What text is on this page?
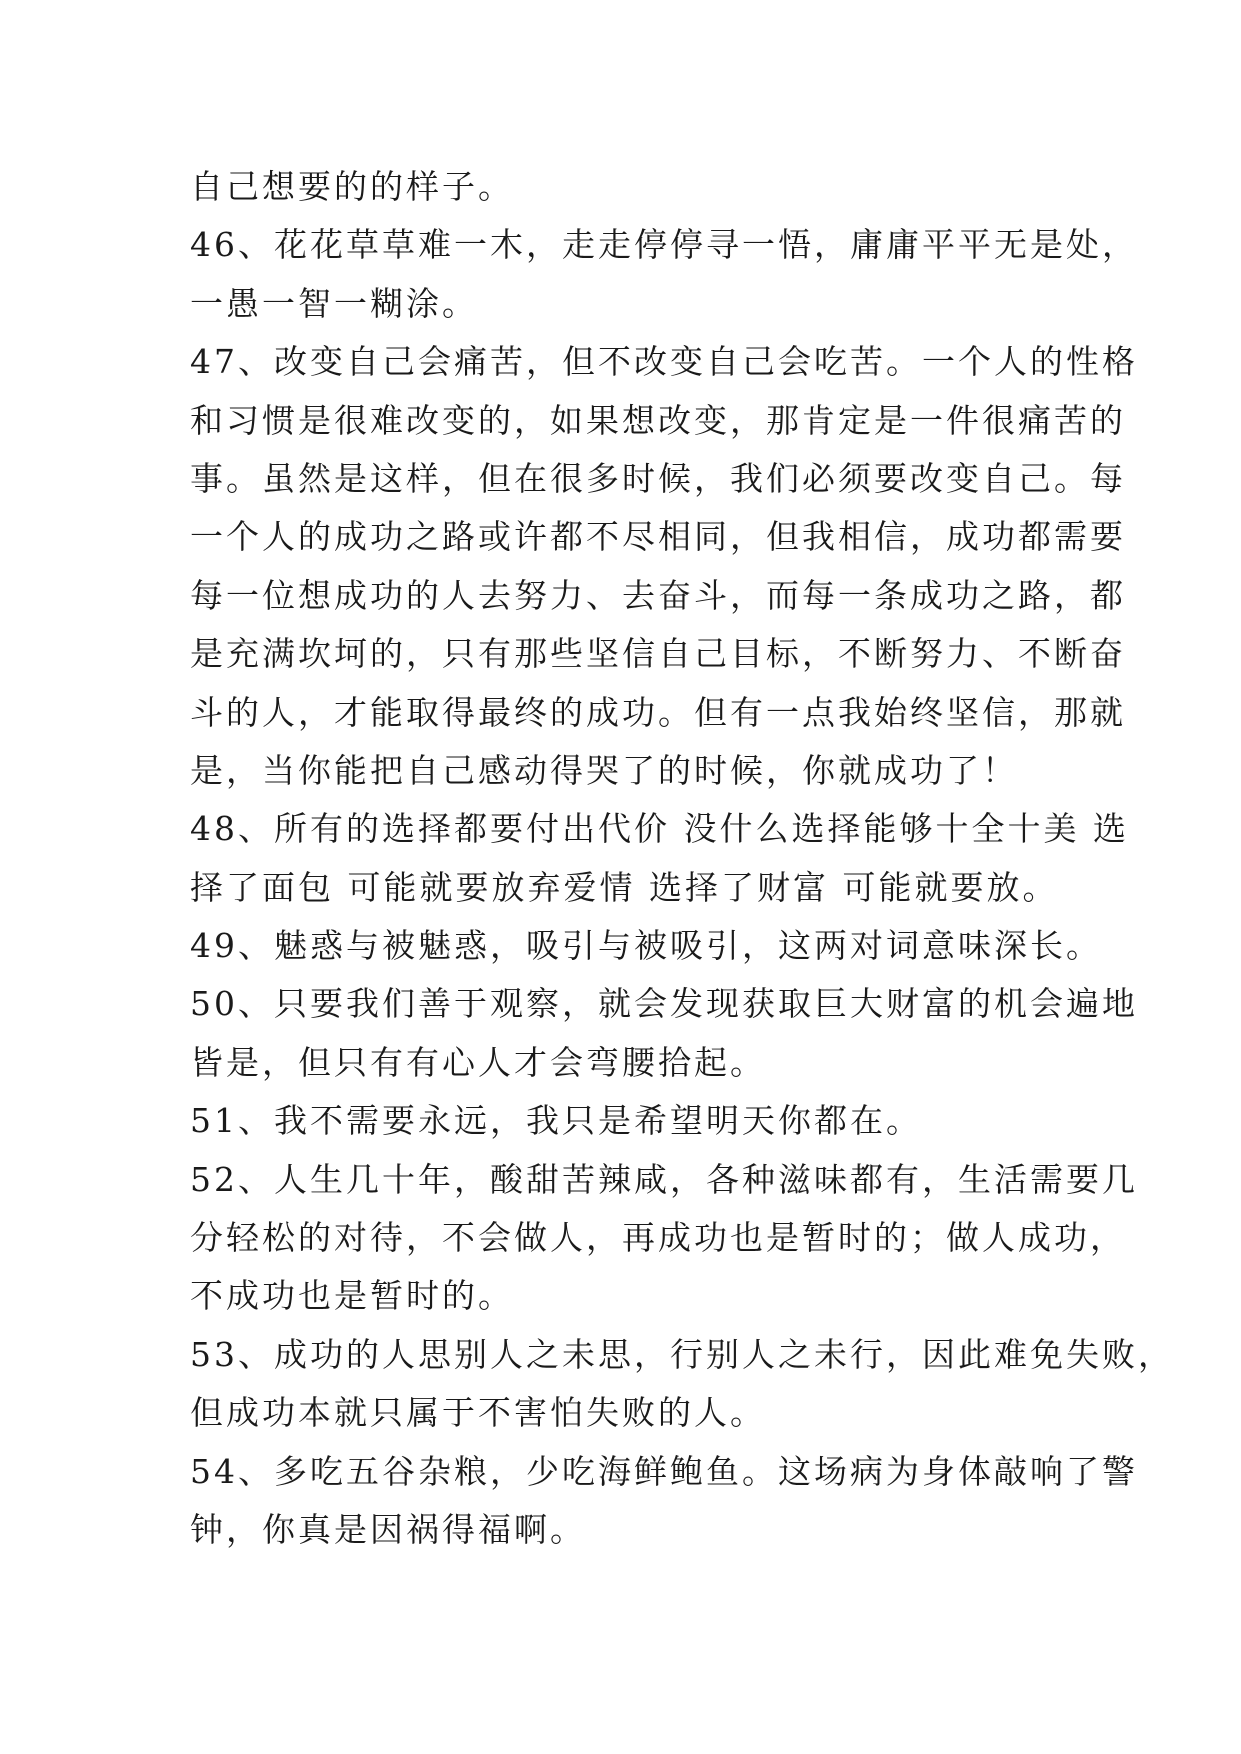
自己想要的的样子。
46、花花草草难一木，走走停停寻一悟，庸庸平平无是处，
一愚一智一糊涂。
47、改变自己会痛苦，但不改变自己会吃苦。一个人的性格
和习惯是很难改变的，如果想改变，那肯定是一件很痛苦的
事。虽然是这样，但在很多时候，我们必须要改变自己。每
一个人的成功之路或许都不尽相同，但我相信，成功都需要
每一位想成功的人去努力、去奋斗，而每一条成功之路，都
是充满坎坷的，只有那些坚信自己目标，不断努力、不断奋
斗的人，才能取得最终的成功。但有一点我始终坚信，那就
是，当你能把自己感动得哭了的时候，你就成功了！
48、所有的选择都要付出代价 没什么选择能够十全十美 选
择了面包 可能就要放弃爱情 选择了财富 可能就要放。
49、魅惑与被魅惑，吸引与被吸引，这两对词意味深长。
50、只要我们善于观察，就会发现获取巨大财富的机会遍地
皆是，但只有有心人才会弯腰拾起。
51、我不需要永远，我只是希望明天你都在。
52、人生几十年，酸甜苦辣咸，各种滋味都有，生活需要几
分轻松的对待，不会做人，再成功也是暂时的；做人成功，
不成功也是暂时的。
53、成功的人思别人之未思，行别人之未行，因此难免失败，
但成功本就只属于不害怕失败的人。
54、多吃五谷杂粮，少吃海鲜鲍鱼。这场病为身体敲响了警
钟，你真是因祸得福啊。
